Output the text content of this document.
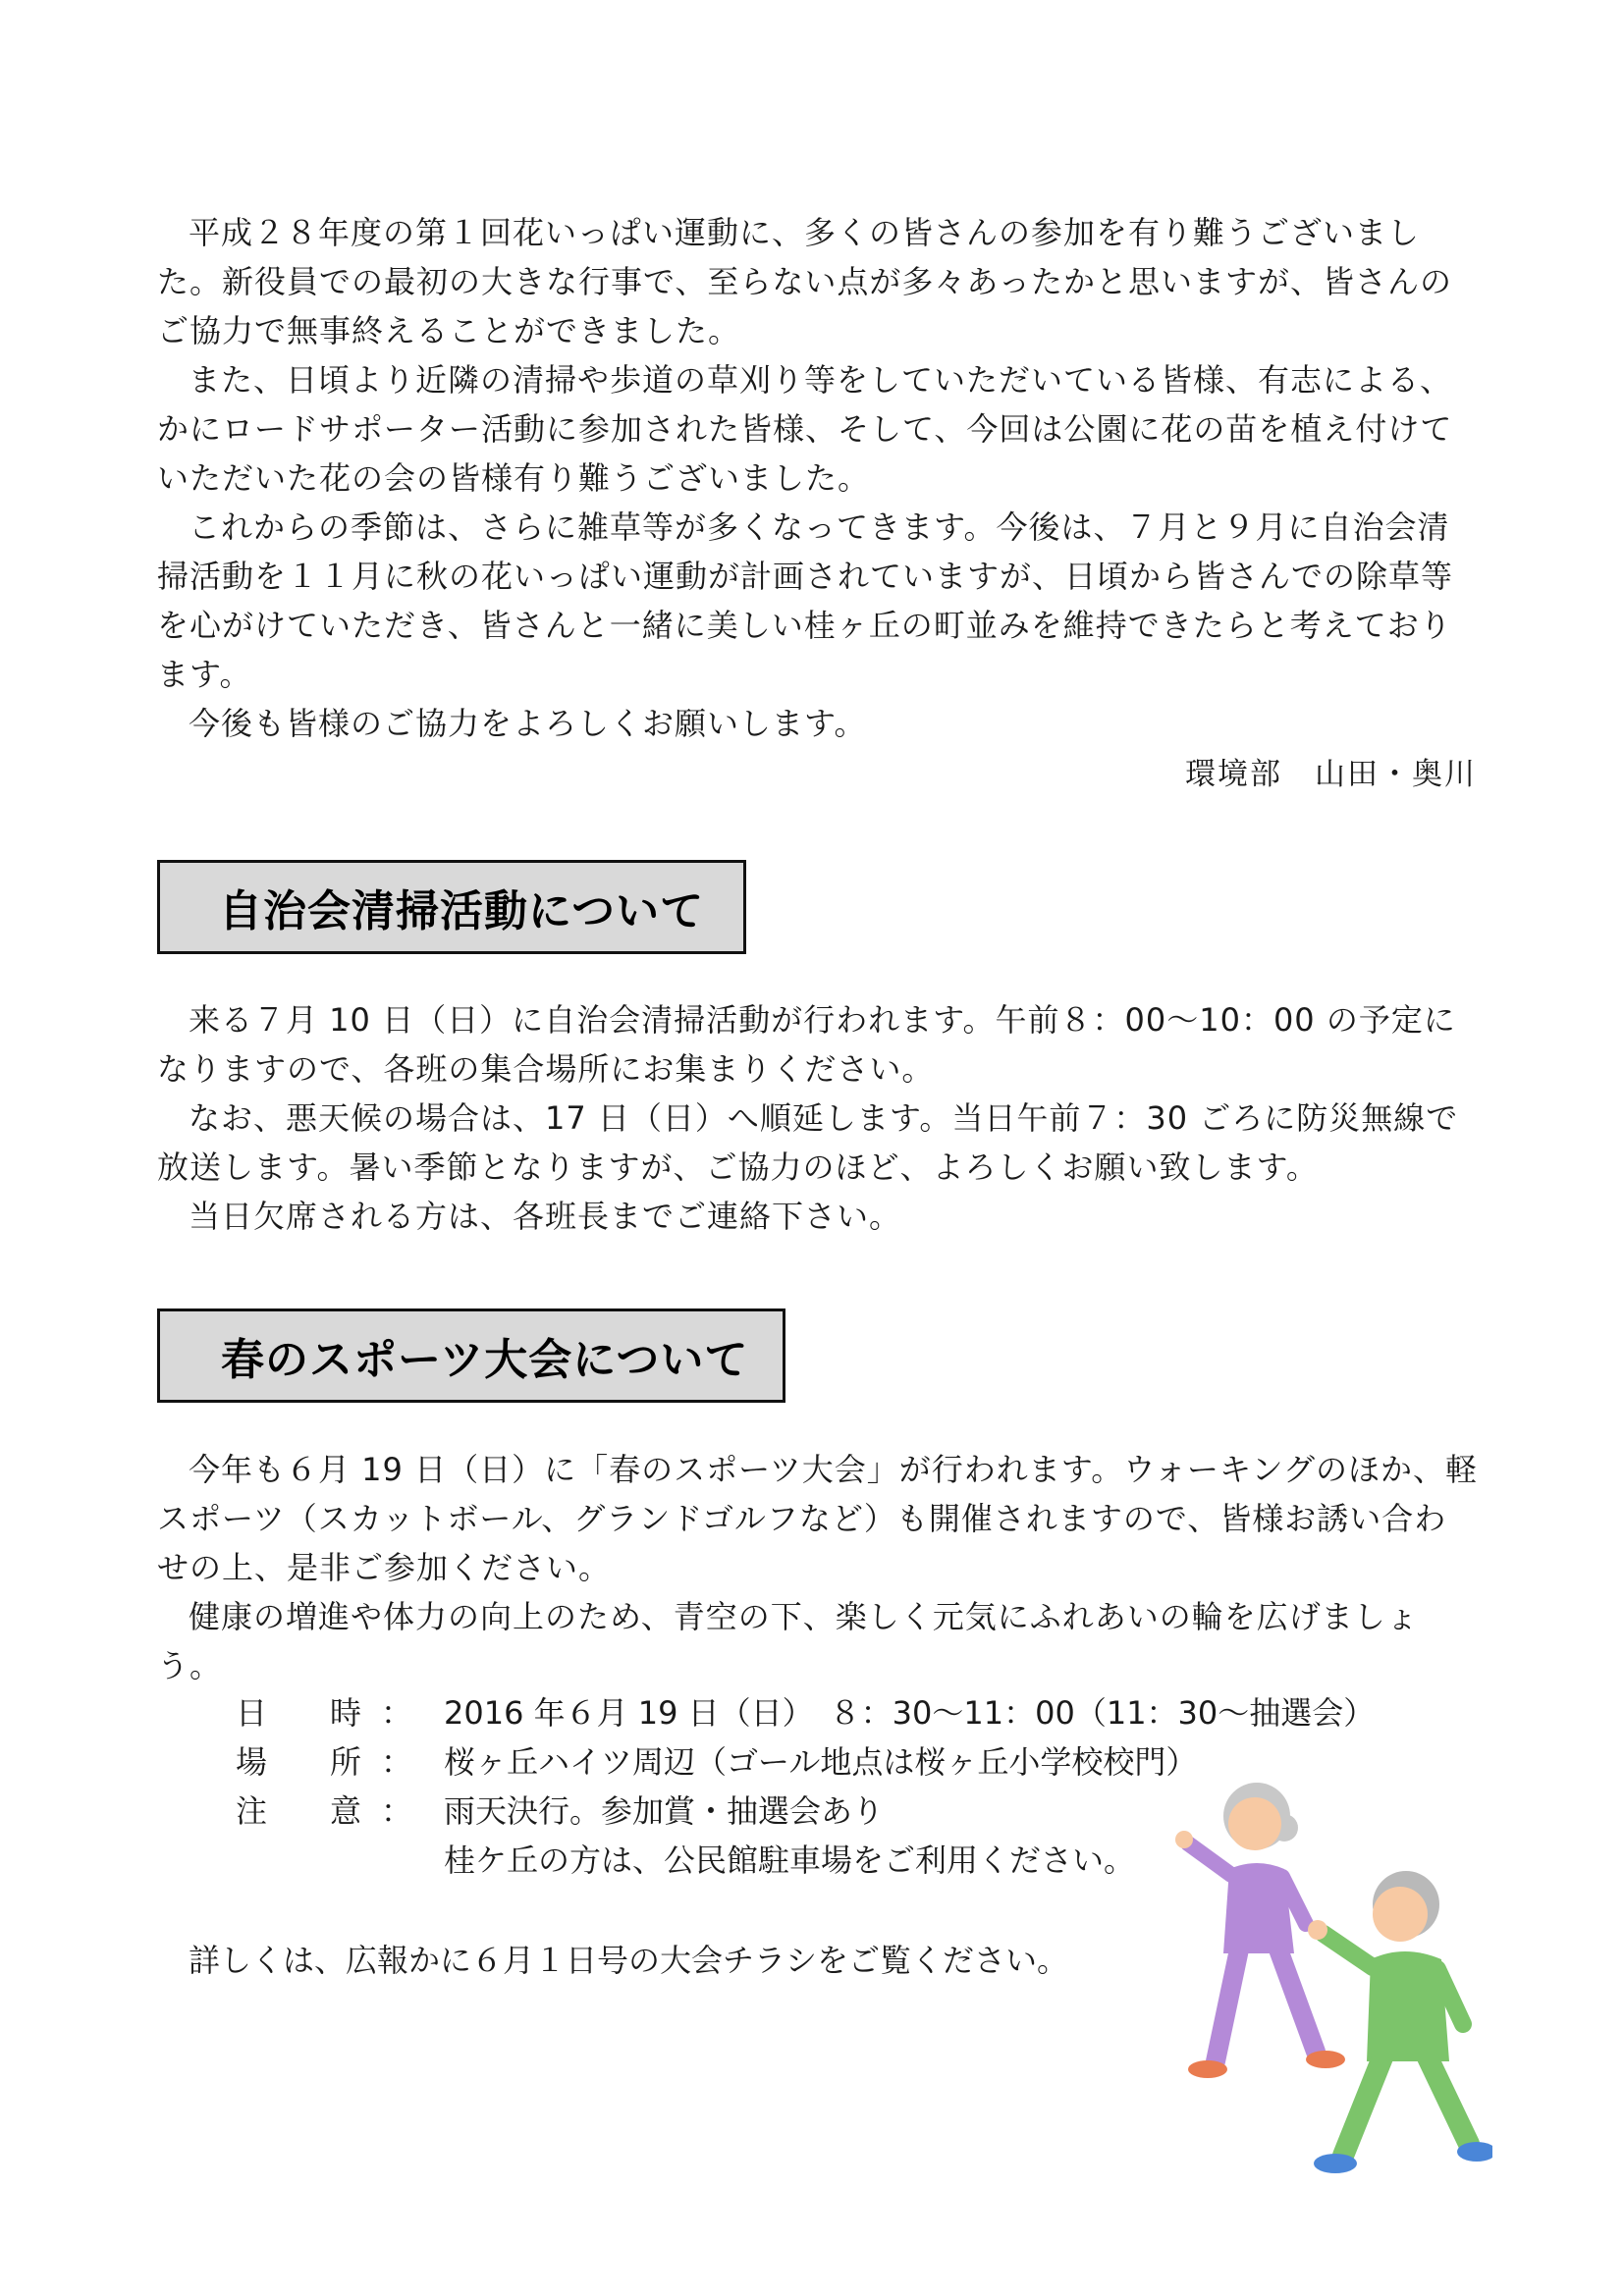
平成２８年度の第１回花いっぱい運動に、多くの皆さんの参加を有り難うございました。新役員での最初の大きな行事で、至らない点が多々あったかと思いますが、皆さんのご協力で無事終えることができました。

また、日頃より近隣の清掃や歩道の草刈り等をしていただいている皆様、有志による、かにロードサポーター活動に参加された皆様、そして、今回は公園に花の苗を植え付けていただいた花の会の皆様有り難うございました。

これからの季節は、さらに雑草等が多くなってきます。今後は、７月と９月に自治会清掃活動を１１月に秋の花いっぱい運動が計画されていますが、日頃から皆さんでの除草等を心がけていただき、皆さんと一緒に美しい桂ヶ丘の町並みを維持できたらと考えております。

今後も皆様のご協力をよろしくお願いします。

環境部　山田・奥川
自治会清掃活動について

来る７月 10 日（日）に自治会清掃活動が行われます。午前８：00～10：00 の予定になりますので、各班の集合場所にお集まりください。

なお、悪天候の場合は、17 日（日）へ順延します。当日午前７：30 ごろに防災無線で放送します。暑い季節となりますが、ご協力のほど、よろしくお願い致します。

当日欠席される方は、各班長までご連絡下さい。

春のスポーツ大会について

今年も６月 19 日（日）に「春のスポーツ大会」が行われます。ウォーキングのほか、軽スポーツ（スカットボール、グランドゴルフなど）も開催されますので、皆様お誘い合わせの上、是非ご参加ください。

健康の増進や体力の向上のため、青空の下、楽しく元気にふれあいの輪を広げましょう。

日	時 ： 2016 年６月 19 日（日）　８：30～11：00（11：30～抽選会）
場	所 ： 桜ヶ丘ハイツ周辺（ゴール地点は桜ヶ丘小学校校門）
注	意 ： 雨天決行。参加賞・抽選会あり
桂ケ丘の方は、公民館駐車場をご利用ください。
詳しくは、広報かに６月１日号の大会チラシをご覧ください。
